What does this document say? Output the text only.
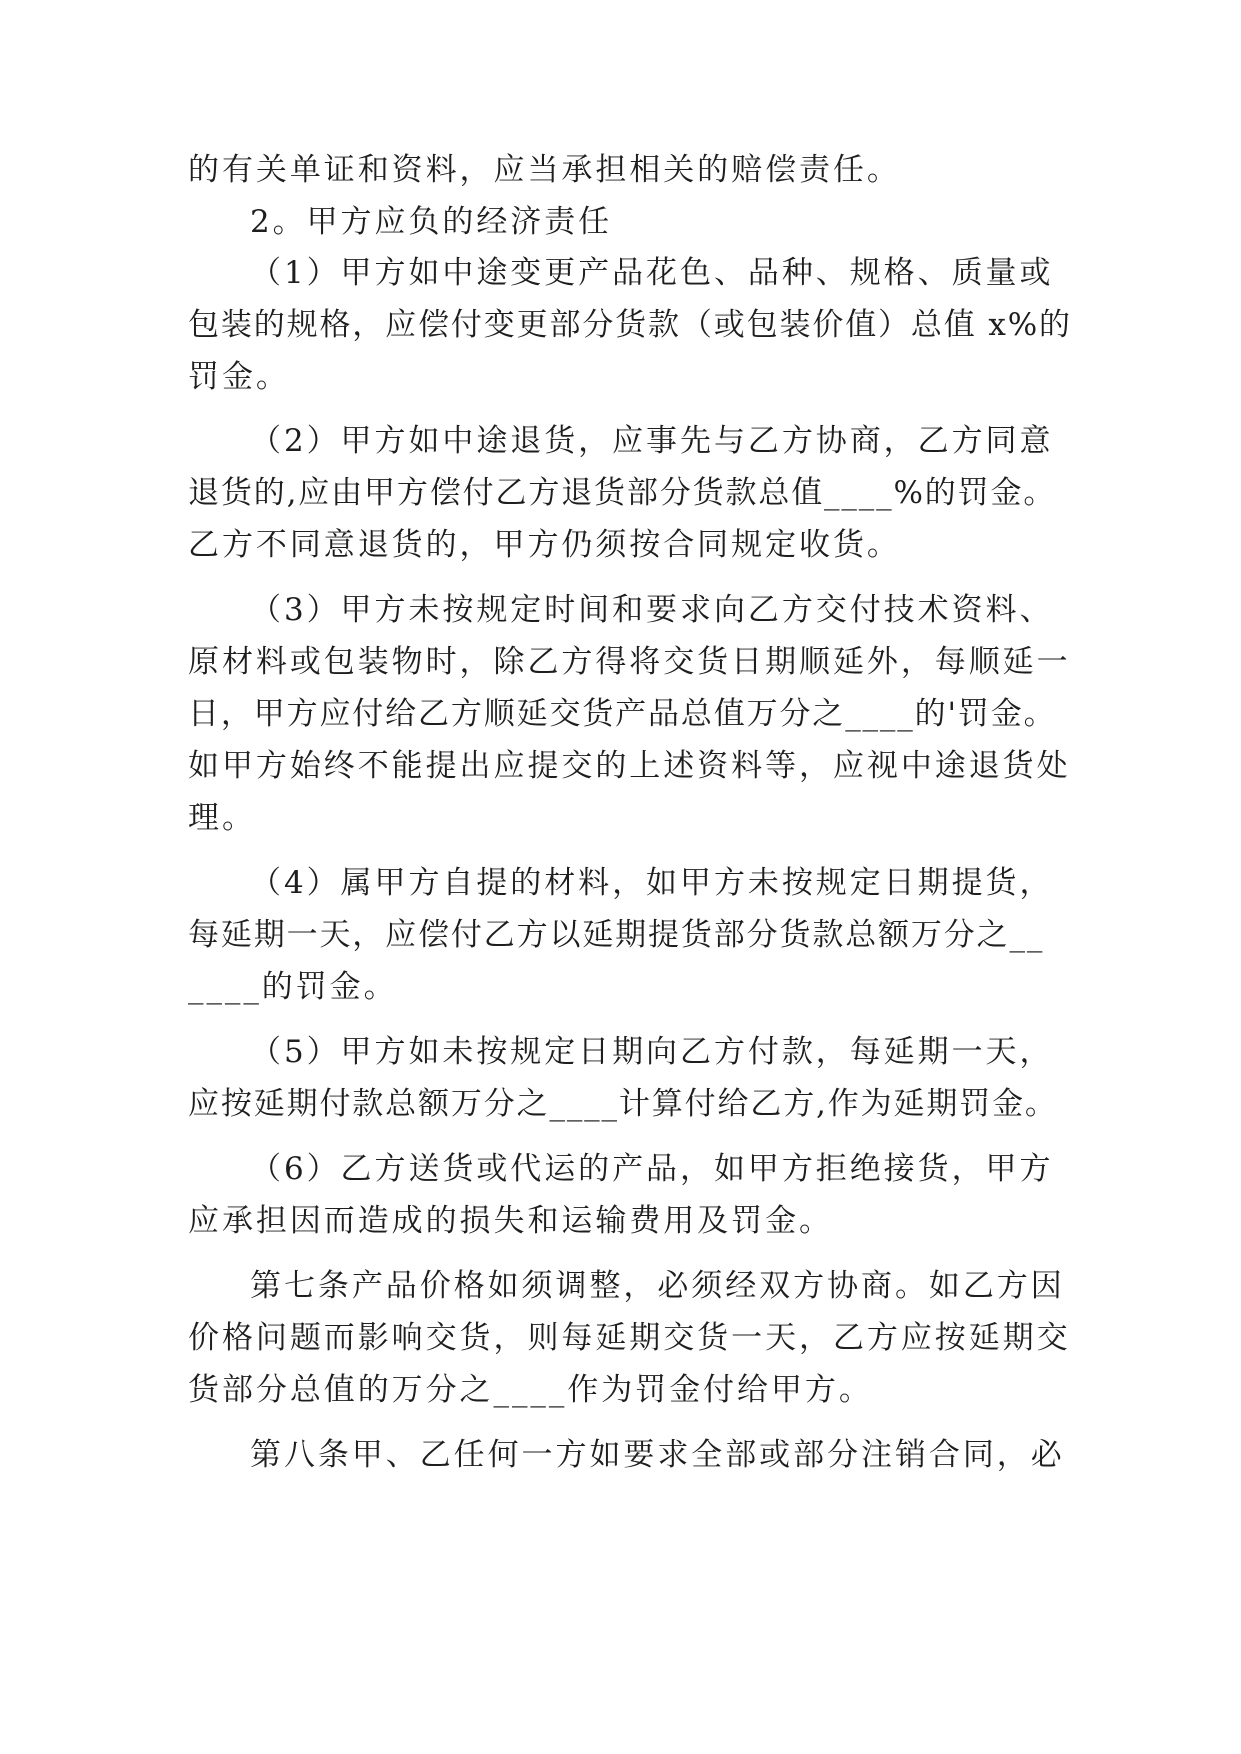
的有关单证和资料，应当承担相关的赔偿责任。
2。甲方应负的经济责任
（1）甲方如中途变更产品花色、品种、规格、质量或
包装的规格，应偿付变更部分货款（或包装价值）总值 x%的
罚金。
（2）甲方如中途退货，应事先与乙方协商，乙方同意
退货的,应由甲方偿付乙方退货部分货款总值____%的罚金。
乙方不同意退货的，甲方仍须按合同规定收货。
（3）甲方未按规定时间和要求向乙方交付技术资料、
原材料或包装物时，除乙方得将交货日期顺延外，每顺延一
日，甲方应付给乙方顺延交货产品总值万分之____的'罚金。
如甲方始终不能提出应提交的上述资料等，应视中途退货处
理。
（4）属甲方自提的材料，如甲方未按规定日期提货，
每延期一天，应偿付乙方以延期提货部分货款总额万分之__
____的罚金。
（5）甲方如未按规定日期向乙方付款，每延期一天，
应按延期付款总额万分之____计算付给乙方,作为延期罚金。
（6）乙方送货或代运的产品，如甲方拒绝接货，甲方
应承担因而造成的损失和运输费用及罚金。
第七条产品价格如须调整，必须经双方协商。如乙方因
价格问题而影响交货，则每延期交货一天，乙方应按延期交
货部分总值的万分之____作为罚金付给甲方。
第八条甲、乙任何一方如要求全部或部分注销合同，必
